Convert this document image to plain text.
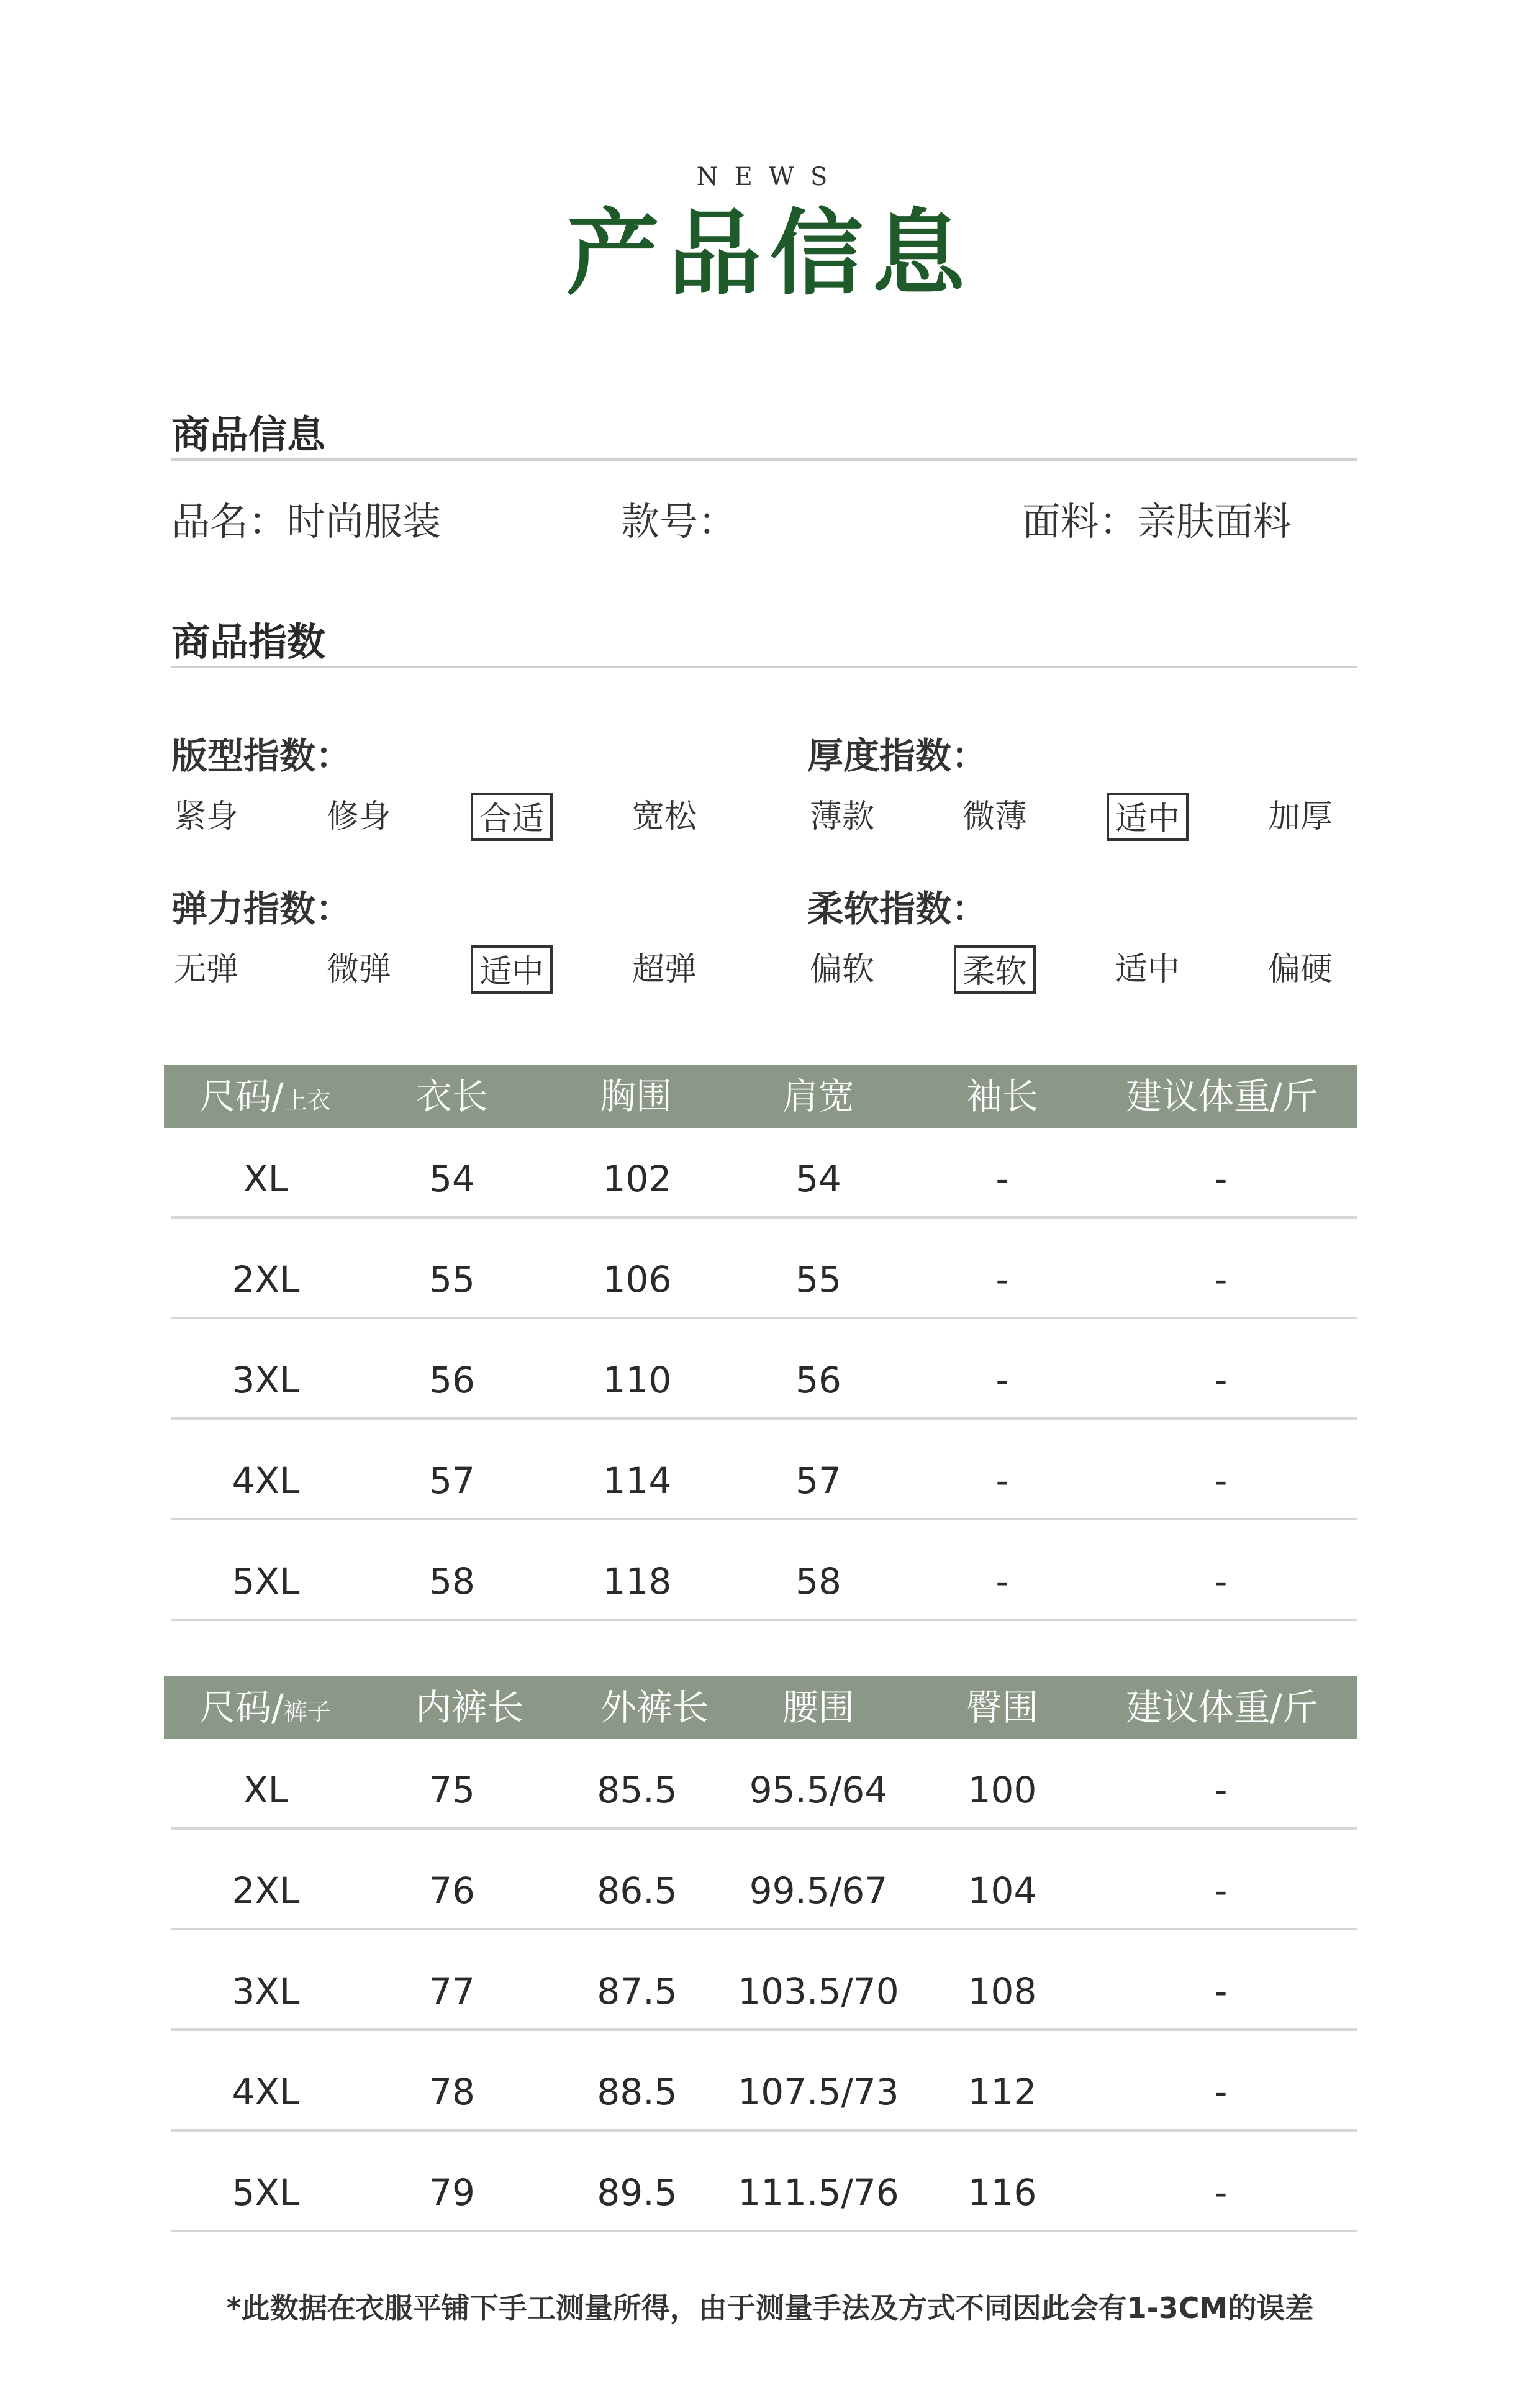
NEWS
产品信息
商品信息
品名：时尚服装	款号：	面料：亲肤面料
商品指数
版型指数：
紧身	修身	合适	宽松
厚度指数：
薄款	微薄	适中	加厚
弹力指数：
无弹	微弹	适中	超弹
柔软指数：
偏软	柔软	适中	偏硬
尺码/上衣	衣长	胸围	肩宽	袖长	建议体重/斤
XL	54	102	54	-	-
2XL	55	106	55	-	-
3XL	56	110	56	-	-
4XL	57	114	57	-	-
5XL	58	118	58	-	-
尺码/裤子	内裤长	外裤长	腰围	臀围	建议体重/斤
XL	75	85.5	95.5/64	100	-
2XL	76	86.5	99.5/67	104	-
3XL	77	87.5	103.5/70	108	-
4XL	78	88.5	107.5/73	112	-
5XL	79	89.5	111.5/76	116	-
*此数据在衣服平铺下手工测量所得，由于测量手法及方式不同因此会有1-3CM的误差
